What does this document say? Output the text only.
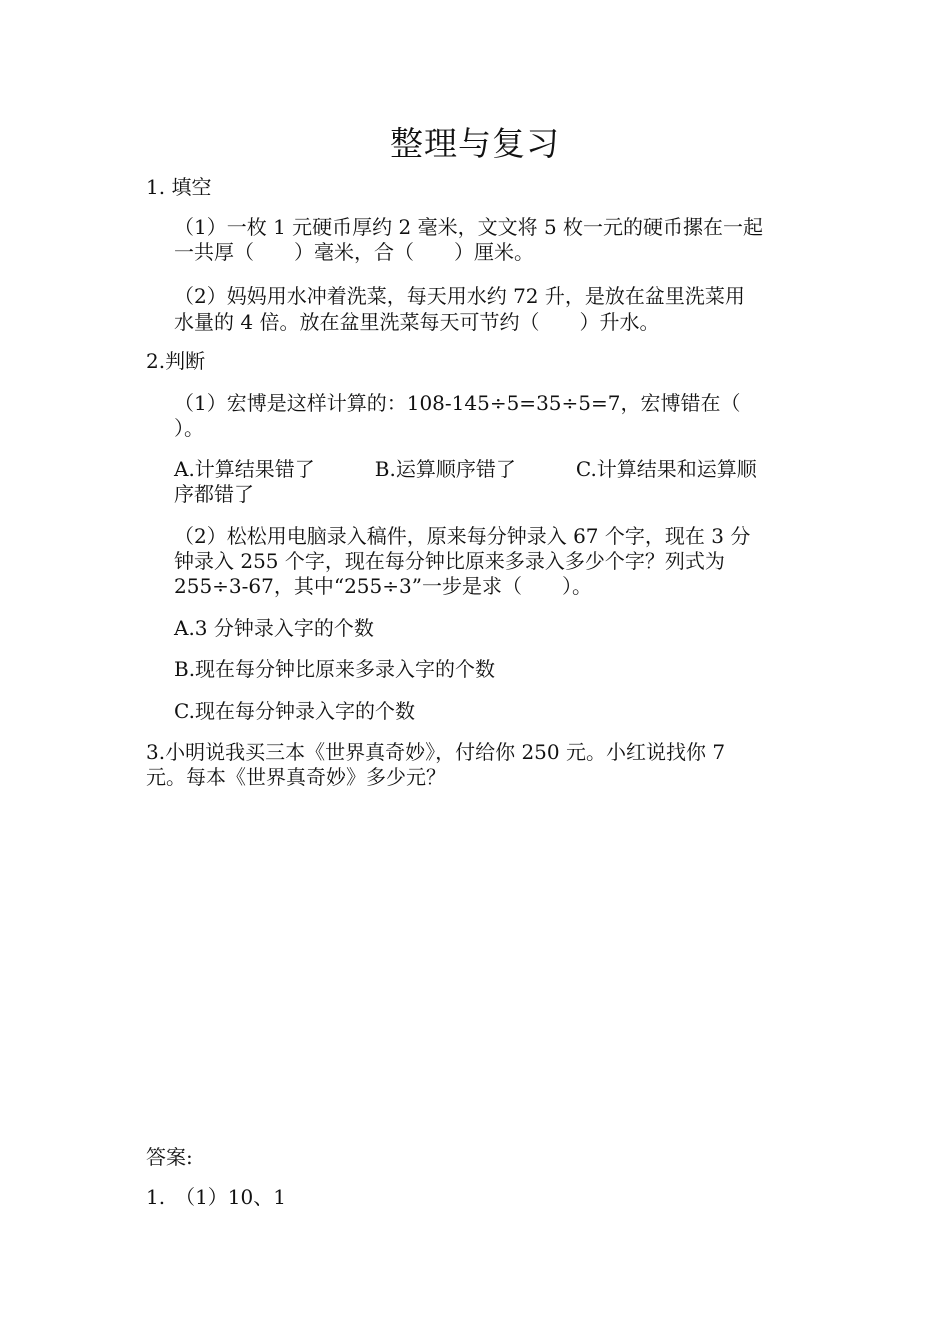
整理与复习
1. 填空
（1）一枚 1 元硬币厚约 2 毫米，文文将 5 枚一元的硬币摞在一起
一共厚（　　）毫米，合（　　）厘米。
（2）妈妈用水冲着洗菜，每天用水约 72 升，是放在盆里洗菜用
水量的 4 倍。放在盆里洗菜每天可节约（　　）升水。
2.判断
（1）宏博是这样计算的：108-145÷5=35÷5=7，宏博错在（
）。
A.计算结果错了　　　B.运算顺序错了　　　C.计算结果和运算顺
序都错了
（2）松松用电脑录入稿件，原来每分钟录入 67 个字，现在 3 分
钟录入 255 个字，现在每分钟比原来多录入多少个字？列式为
255÷3-67，其中“255÷3”一步是求（　　）。
A.3 分钟录入字的个数
B.现在每分钟比原来多录入字的个数
C.现在每分钟录入字的个数
3.小明说我买三本《世界真奇妙》，付给你 250 元。小红说找你 7
元。每本《世界真奇妙》多少元？
答案:
1.　（1）10、1
